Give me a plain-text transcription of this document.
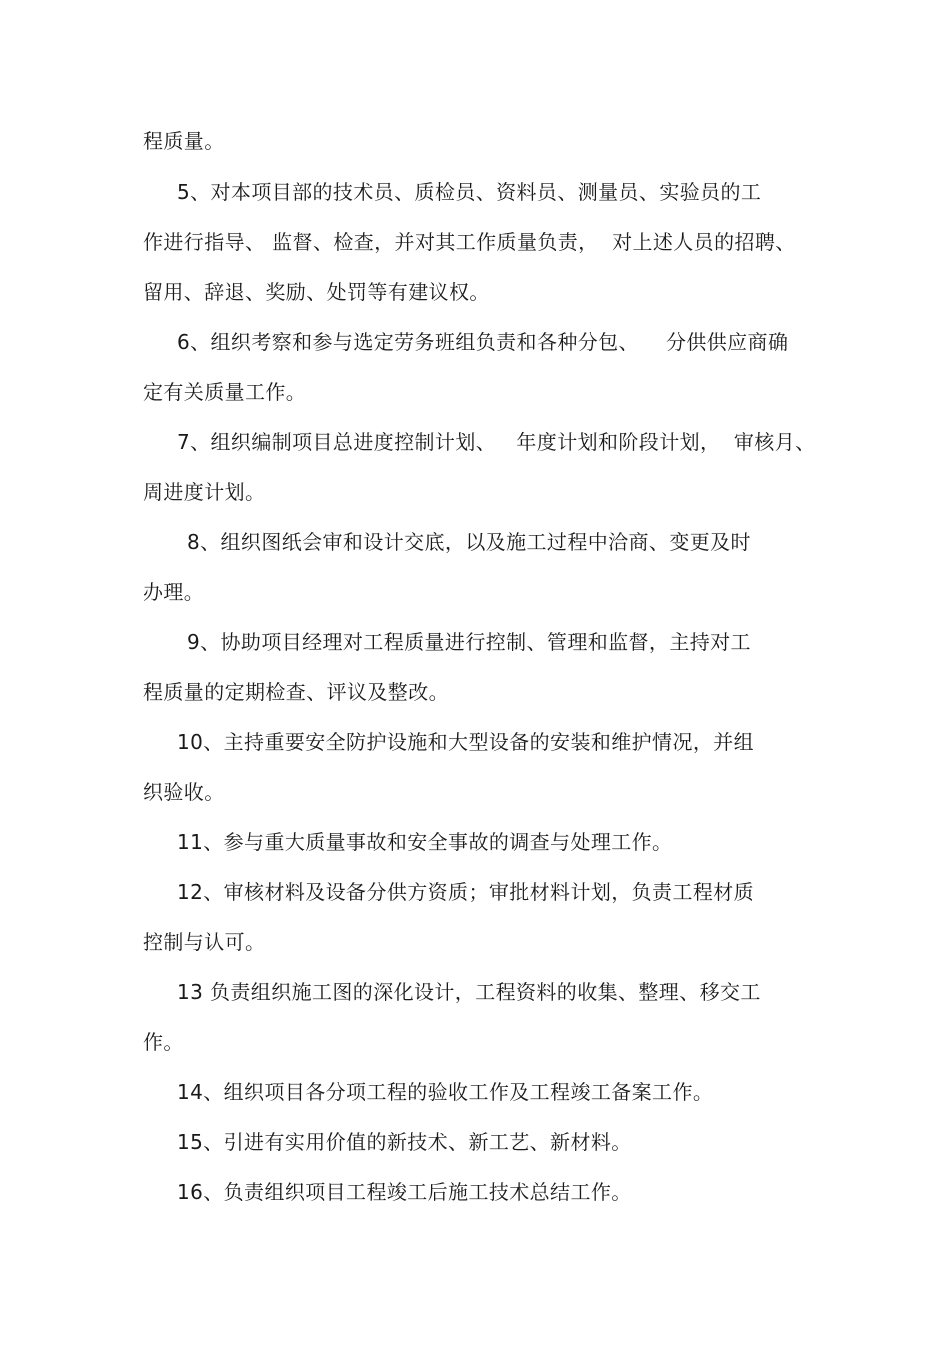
程质量。
5、对本项目部的技术员、质检员、资料员、测量员、实验员的工
作进行指导、 监督、检查，并对其工作质量负责，  对上述人员的招聘、
留用、辞退、奖励、处罚等有建议权。
6、组织考察和参与选定劳务班组负责和各种分包、    分供供应商确
定有关质量工作。
7、组织编制项目总进度控制计划、   年度计划和阶段计划，  审核月、
周进度计划。
8、组织图纸会审和设计交底，以及施工过程中洽商、变更及时
办理。
9、协助项目经理对工程质量进行控制、管理和监督，主持对工
程质量的定期检查、评议及整改。
10、主持重要安全防护设施和大型设备的安装和维护情况，并组
织验收。
11、参与重大质量事故和安全事故的调查与处理工作。
12、审核材料及设备分供方资质；审批材料计划，负责工程材质
控制与认可。
13 负责组织施工图的深化设计，工程资料的收集、整理、移交工
作。
14、组织项目各分项工程的验收工作及工程竣工备案工作。
15、引进有实用价值的新技术、新工艺、新材料。
16、负责组织项目工程竣工后施工技术总结工作。
